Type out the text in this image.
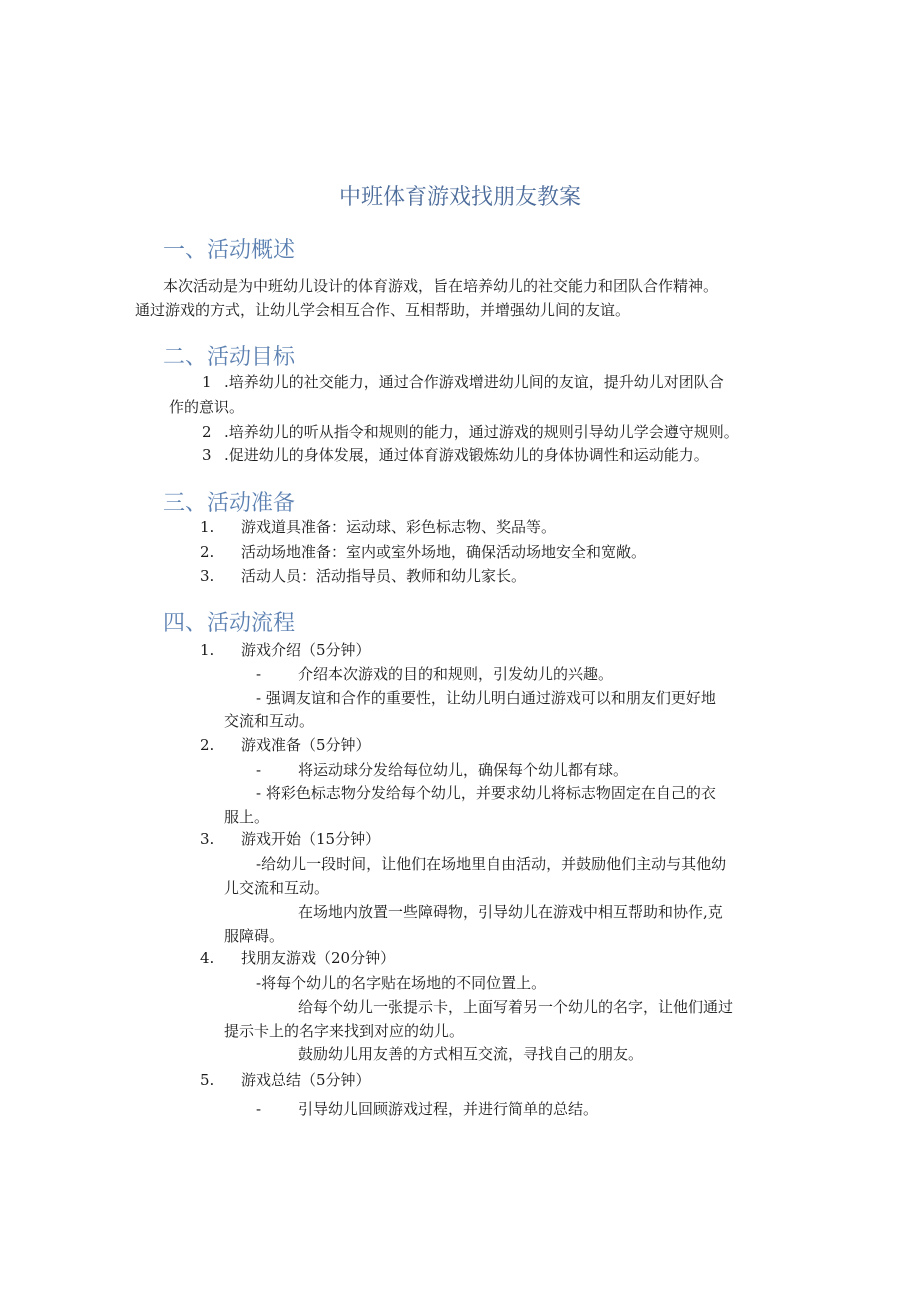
中班体育游戏找朋友教案
一、活动概述
本次活动是为中班幼儿设计的体育游戏，旨在培养幼儿的社交能力和团队合作精神。
通过游戏的方式，让幼儿学会相互合作、互相帮助，并增强幼儿间的友谊。
二、活动目标
1 .培养幼儿的社交能力，通过合作游戏增进幼儿间的友谊，提升幼儿对团队合
作的意识。
2 .培养幼儿的听从指令和规则的能力，通过游戏的规则引导幼儿学会遵守规则。
3 .促进幼儿的身体发展，通过体育游戏锻炼幼儿的身体协调性和运动能力。
三、活动准备
1. 游戏道具准备：运动球、彩色标志物、奖品等。
2. 活动场地准备：室内或室外场地，确保活动场地安全和宽敞。
3. 活动人员：活动指导员、教师和幼儿家长。
四、活动流程
1. 游戏介绍（5分钟）
- 介绍本次游戏的目的和规则，引发幼儿的兴趣。
- 强调友谊和合作的重要性，让幼儿明白通过游戏可以和朋友们更好地
交流和互动。
2. 游戏准备（5分钟）
- 将运动球分发给每位幼儿，确保每个幼儿都有球。
- 将彩色标志物分发给每个幼儿，并要求幼儿将标志物固定在自己的衣
服上。
3. 游戏开始（15分钟）
-给幼儿一段时间，让他们在场地里自由活动，并鼓励他们主动与其他幼
儿交流和互动。
在场地内放置一些障碍物，引导幼儿在游戏中相互帮助和协作,克
服障碍。
4. 找朋友游戏（20分钟）
-将每个幼儿的名字贴在场地的不同位置上。
给每个幼儿一张提示卡，上面写着另一个幼儿的名字，让他们通过
提示卡上的名字来找到对应的幼儿。
鼓励幼儿用友善的方式相互交流，寻找自己的朋友。
5. 游戏总结（5分钟）
- 引导幼儿回顾游戏过程，并进行简单的总结。
